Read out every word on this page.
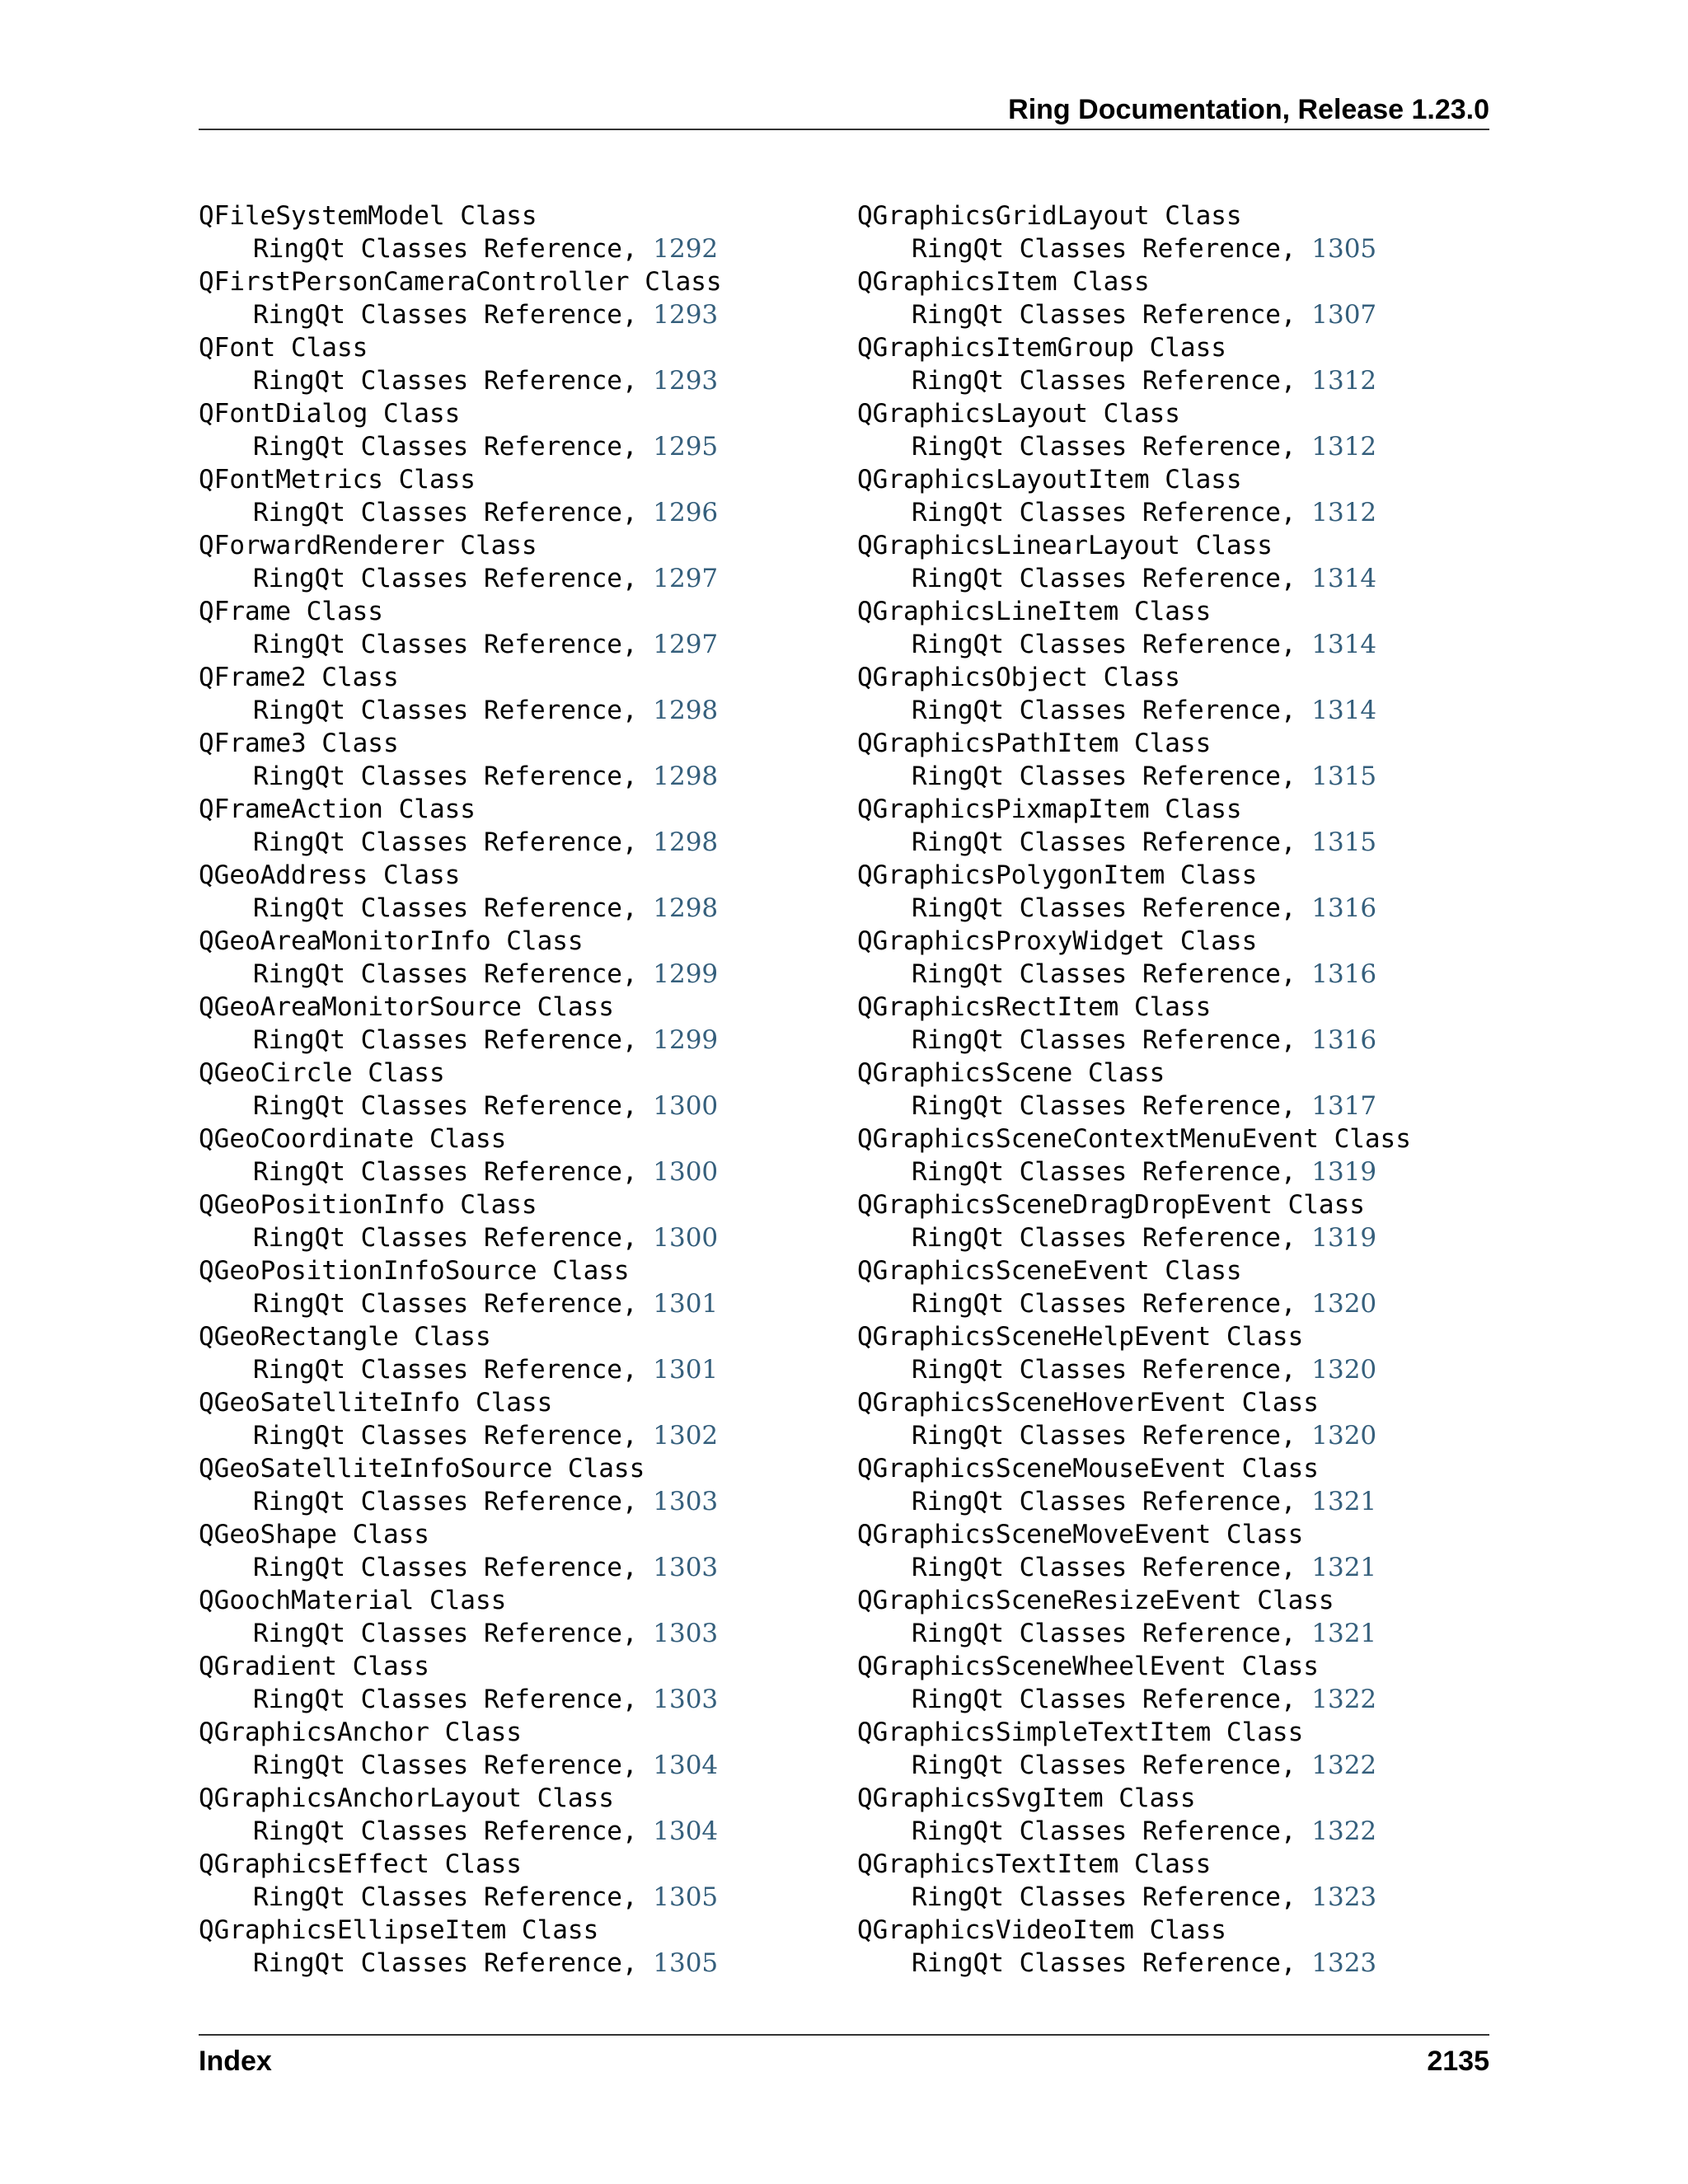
Ring Documentation, Release 1.23.0
QFileSystemModel Class
RingQt Classes Reference, 1292
QFirstPersonCameraController Class
RingQt Classes Reference, 1293
QFont Class
RingQt Classes Reference, 1293
QFontDialog Class
RingQt Classes Reference, 1295
QFontMetrics Class
RingQt Classes Reference, 1296
QForwardRenderer Class
RingQt Classes Reference, 1297
QFrame Class
RingQt Classes Reference, 1297
QFrame2 Class
RingQt Classes Reference, 1298
QFrame3 Class
RingQt Classes Reference, 1298
QFrameAction Class
RingQt Classes Reference, 1298
QGeoAddress Class
RingQt Classes Reference, 1298
QGeoAreaMonitorInfo Class
RingQt Classes Reference, 1299
QGeoAreaMonitorSource Class
RingQt Classes Reference, 1299
QGeoCircle Class
RingQt Classes Reference, 1300
QGeoCoordinate Class
RingQt Classes Reference, 1300
QGeoPositionInfo Class
RingQt Classes Reference, 1300
QGeoPositionInfoSource Class
RingQt Classes Reference, 1301
QGeoRectangle Class
RingQt Classes Reference, 1301
QGeoSatelliteInfo Class
RingQt Classes Reference, 1302
QGeoSatelliteInfoSource Class
RingQt Classes Reference, 1303
QGeoShape Class
RingQt Classes Reference, 1303
QGoochMaterial Class
RingQt Classes Reference, 1303
QGradient Class
RingQt Classes Reference, 1303
QGraphicsAnchor Class
RingQt Classes Reference, 1304
QGraphicsAnchorLayout Class
RingQt Classes Reference, 1304
QGraphicsEffect Class
RingQt Classes Reference, 1305
QGraphicsEllipseItem Class
RingQt Classes Reference, 1305
QGraphicsGridLayout Class
RingQt Classes Reference, 1305
QGraphicsItem Class
RingQt Classes Reference, 1307
QGraphicsItemGroup Class
RingQt Classes Reference, 1312
QGraphicsLayout Class
RingQt Classes Reference, 1312
QGraphicsLayoutItem Class
RingQt Classes Reference, 1312
QGraphicsLinearLayout Class
RingQt Classes Reference, 1314
QGraphicsLineItem Class
RingQt Classes Reference, 1314
QGraphicsObject Class
RingQt Classes Reference, 1314
QGraphicsPathItem Class
RingQt Classes Reference, 1315
QGraphicsPixmapItem Class
RingQt Classes Reference, 1315
QGraphicsPolygonItem Class
RingQt Classes Reference, 1316
QGraphicsProxyWidget Class
RingQt Classes Reference, 1316
QGraphicsRectItem Class
RingQt Classes Reference, 1316
QGraphicsScene Class
RingQt Classes Reference, 1317
QGraphicsSceneContextMenuEvent Class
RingQt Classes Reference, 1319
QGraphicsSceneDragDropEvent Class
RingQt Classes Reference, 1319
QGraphicsSceneEvent Class
RingQt Classes Reference, 1320
QGraphicsSceneHelpEvent Class
RingQt Classes Reference, 1320
QGraphicsSceneHoverEvent Class
RingQt Classes Reference, 1320
QGraphicsSceneMouseEvent Class
RingQt Classes Reference, 1321
QGraphicsSceneMoveEvent Class
RingQt Classes Reference, 1321
QGraphicsSceneResizeEvent Class
RingQt Classes Reference, 1321
QGraphicsSceneWheelEvent Class
RingQt Classes Reference, 1322
QGraphicsSimpleTextItem Class
RingQt Classes Reference, 1322
QGraphicsSvgItem Class
RingQt Classes Reference, 1322
QGraphicsTextItem Class
RingQt Classes Reference, 1323
QGraphicsVideoItem Class
RingQt Classes Reference, 1323
Index	2135
